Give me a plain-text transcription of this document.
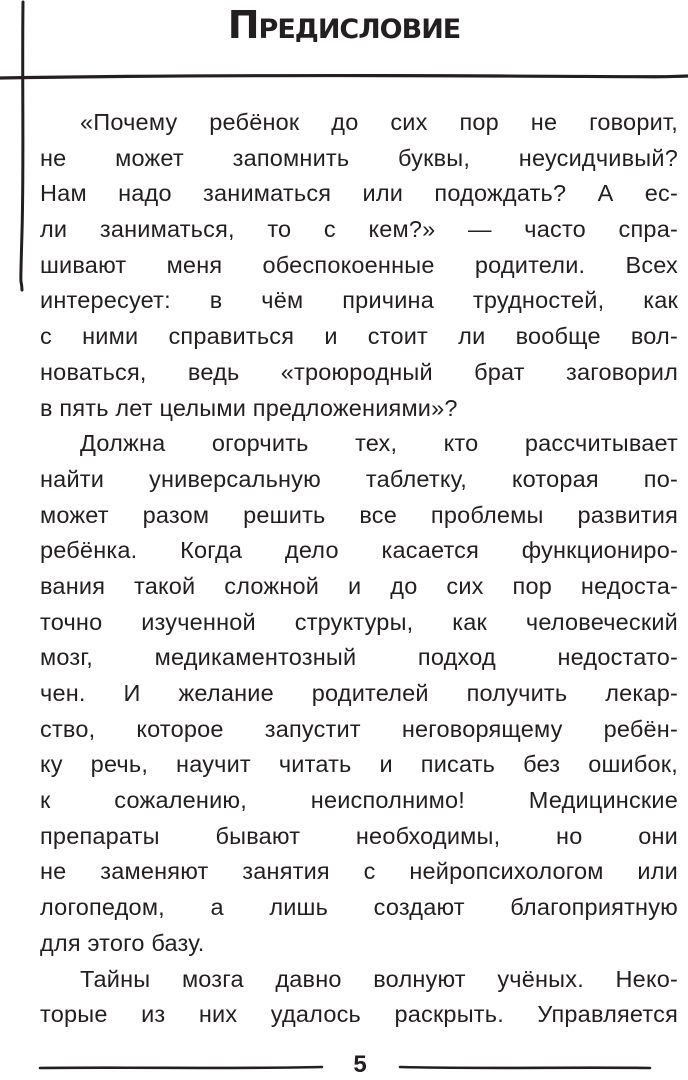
Предисловие
«Почему ребёнок до сих пор не говорит,
не может запомнить буквы, неусидчивый?
Нам надо заниматься или подождать? А ес-
ли заниматься, то с кем?» — часто спра-
шивают меня обеспокоенные родители. Всех
интересует: в чём причина трудностей, как
с ними справиться и стоит ли вообще вол-
новаться, ведь «троюродный брат заговорил
в пять лет целыми предложениями»?
Должна огорчить тех, кто рассчитывает
найти универсальную таблетку, которая по-
может разом решить все проблемы развития
ребёнка. Когда дело касается функциониро-
вания такой сложной и до сих пор недоста-
точно изученной структуры, как человеческий
мозг, медикаментозный подход недостато-
чен. И желание родителей получить лекар-
ство, которое запустит неговорящему ребён-
ку речь, научит читать и писать без ошибок,
к сожалению, неисполнимо! Медицинские
препараты бывают необходимы, но они
не заменяют занятия с нейропсихологом или
логопедом, а лишь создают благоприятную
для этого базу.
Тайны мозга давно волнуют учёных. Неко-
торые из них удалось раскрыть. Управляется
5
